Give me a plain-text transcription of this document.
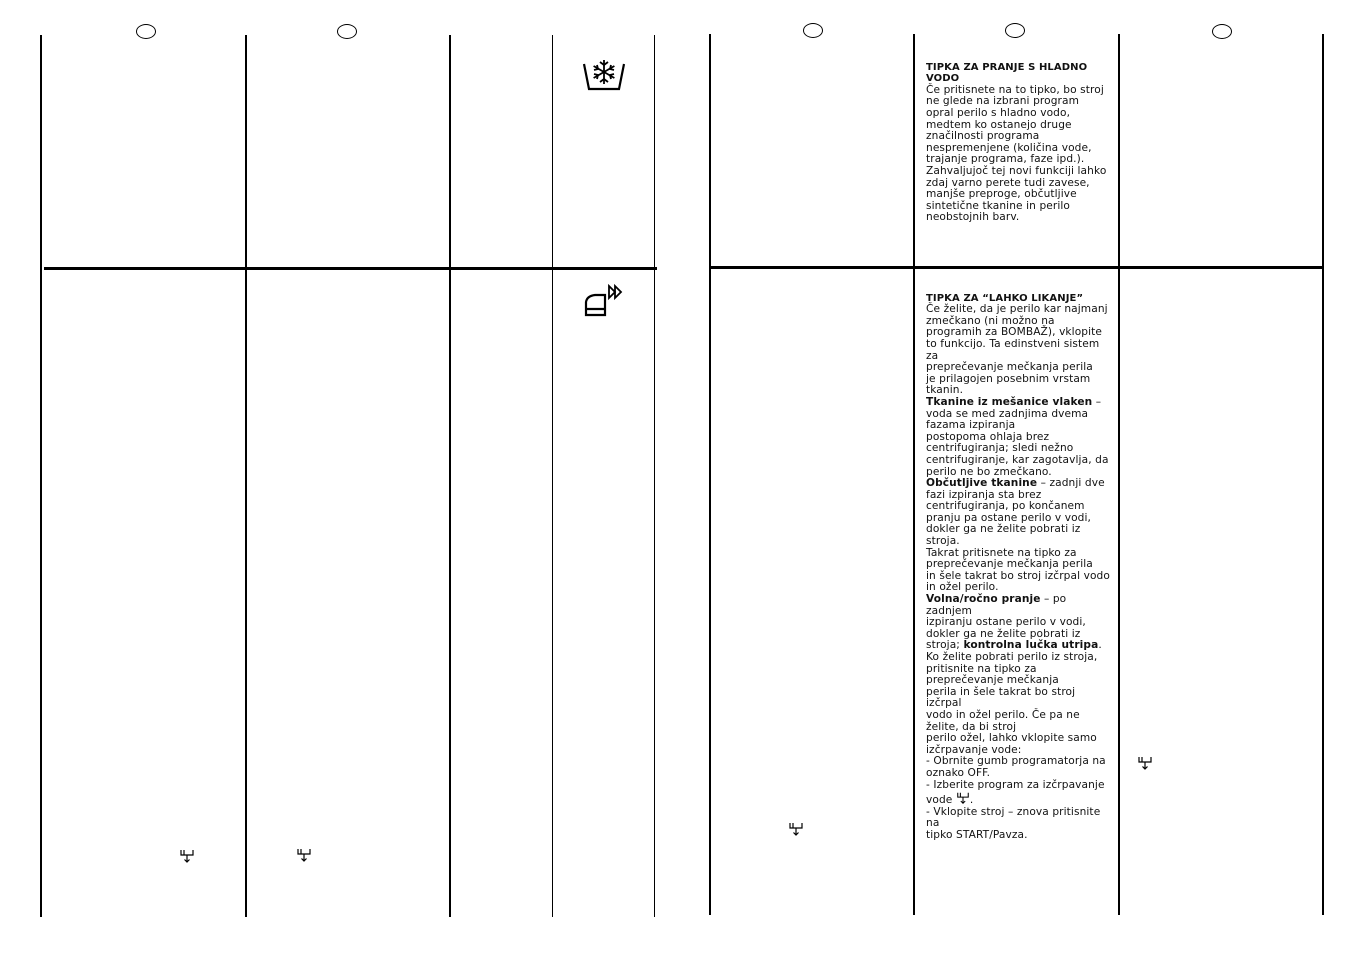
TIPKA ZA PRANJE S HLADNO VODO
Če pritisnete na to tipko, bo stroj
ne glede na izbrani program
opral perilo s hladno vodo,
medtem ko ostanejo druge
značilnosti programa
nespremenjene (količina vode,
trajanje programa, faze ipd.).
Zahvaljujoč tej novi funkciji lahko
zdaj varno perete tudi zavese,
manjše preproge, občutljive
sintetične tkanine in perilo
neobstojnih barv.

TIPKA ZA “LAHKO LIKANJE”
Če želite, da je perilo kar najmanj
zmečkano (ni možno na
programih za BOMBAŽ), vklopite
to funkcijo. Ta edinstveni sistem za
preprečevanje mečkanja perila
je prilagojen posebnim vrstam
tkanin.
Tkanine iz mešanice vlaken –
voda se med zadnjima dvema
fazama izpiranja
postopoma ohlaja brez
centrifugiranja; sledi nežno
centrifugiranje, kar zagotavlja, da
perilo ne bo zmečkano.
Občutljive tkanine – zadnji dve
fazi izpiranja sta brez
centrifugiranja, po končanem
pranju pa ostane perilo v vodi,
dokler ga ne želite pobrati iz
stroja.
Takrat pritisnete na tipko za
preprečevanje mečkanja perila
in šele takrat bo stroj izčrpal vodo
in ožel perilo.
Volna/ročno pranje – po zadnjem
izpiranju ostane perilo v vodi,
dokler ga ne želite pobrati iz
stroja; kontrolna lučka utripa.
Ko želite pobrati perilo iz stroja,
pritisnite na tipko za
preprečevanje mečkanja
perila in šele takrat bo stroj izčrpal
vodo in ožel perilo. Če pa ne
želite, da bi stroj
perilo ožel, lahko vklopite samo
izčrpavanje vode:
- Obrnite gumb programatorja na
oznako OFF.
- Izberite program za izčrpavanje
vode .
- Vklopite stroj – znova pritisnite na
tipko START/Pavza.
